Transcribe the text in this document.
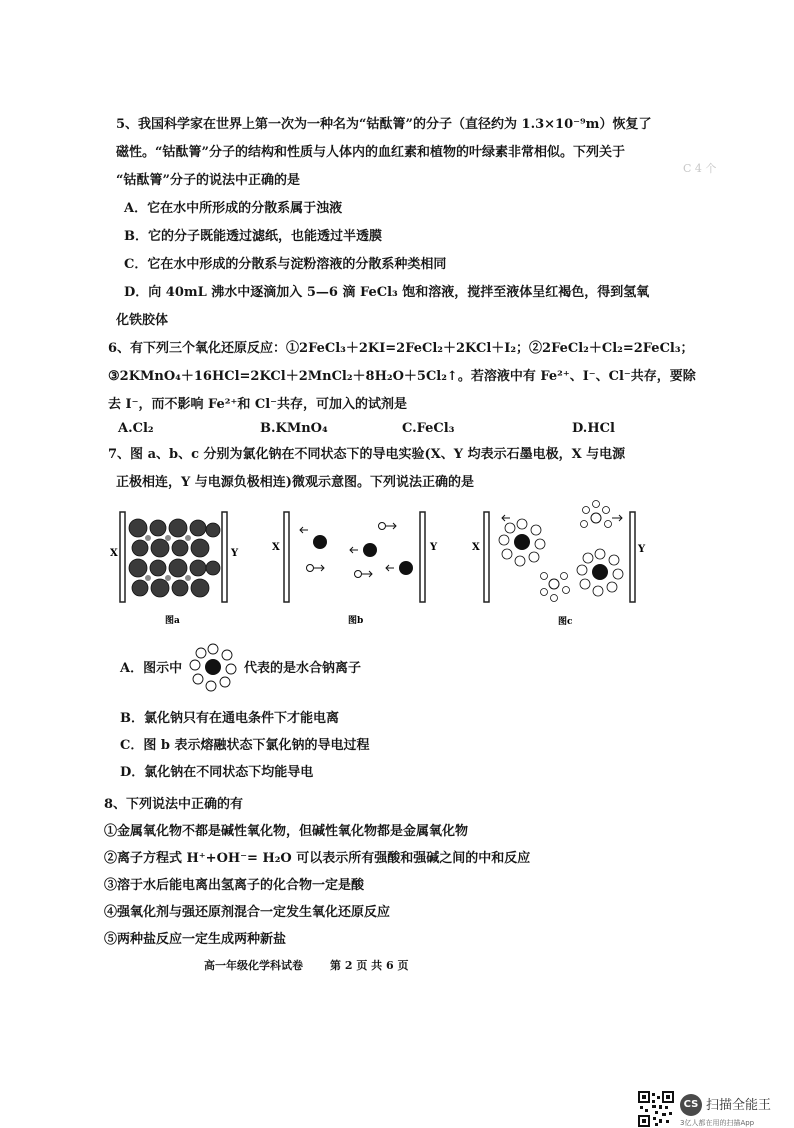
C 4 个
5、我国科学家在世界上第一次为一种名为“钴酞箐”的分子（直径约为 1.3×10⁻⁹m）恢复了
磁性。“钴酞箐”分子的结构和性质与人体内的血红素和植物的叶绿素非常相似。下列关于
“钴酞箐”分子的说法中正确的是
A．它在水中所形成的分散系属于浊液
B．它的分子既能透过滤纸，也能透过半透膜
C．它在水中形成的分散系与淀粉溶液的分散系种类相同
D．向 40mL 沸水中逐滴加入 5—6 滴 FeCl₃ 饱和溶液，搅拌至液体呈红褐色，得到氢氧
化铁胶体
6、有下列三个氧化还原反应：①2FeCl₃＋2KI=2FeCl₂＋2KCl＋I₂；②2FeCl₂＋Cl₂=2FeCl₃；
③2KMnO₄＋16HCl=2KCl＋2MnCl₂＋8H₂O＋5Cl₂↑。若溶液中有 Fe²⁺、I⁻、Cl⁻共存，要除
去 I⁻，而不影响 Fe²⁺和 Cl⁻共存，可加入的试剂是
A.Cl₂	B.KMnO₄	C.FeCl₃	D.HCl
7、图 a、b、c 分别为氯化钠在不同状态下的导电实验(X、Y 均表示石墨电极，X 与电源
正极相连，Y 与电源负极相连)微观示意图。下列说法正确的是
X	Y
图a
X	Y
图b
X	Y
图c
A．图示中	代表的是水合钠离子
B．氯化钠只有在通电条件下才能电离
C．图 b 表示熔融状态下氯化钠的导电过程
D．氯化钠在不同状态下均能导电
8、下列说法中正确的有
①金属氧化物不都是碱性氧化物，但碱性氧化物都是金属氧化物
②离子方程式 H⁺+OH⁻= H₂O 可以表示所有强酸和强碱之间的中和反应
③溶于水后能电离出氢离子的化合物一定是酸
④强氧化剂与强还原剂混合一定发生氧化还原反应
⑤两种盐反应一定生成两种新盐
高一年级化学科试卷 第 2 页 共 6 页
CS 扫描全能王
3亿人都在用的扫描App
